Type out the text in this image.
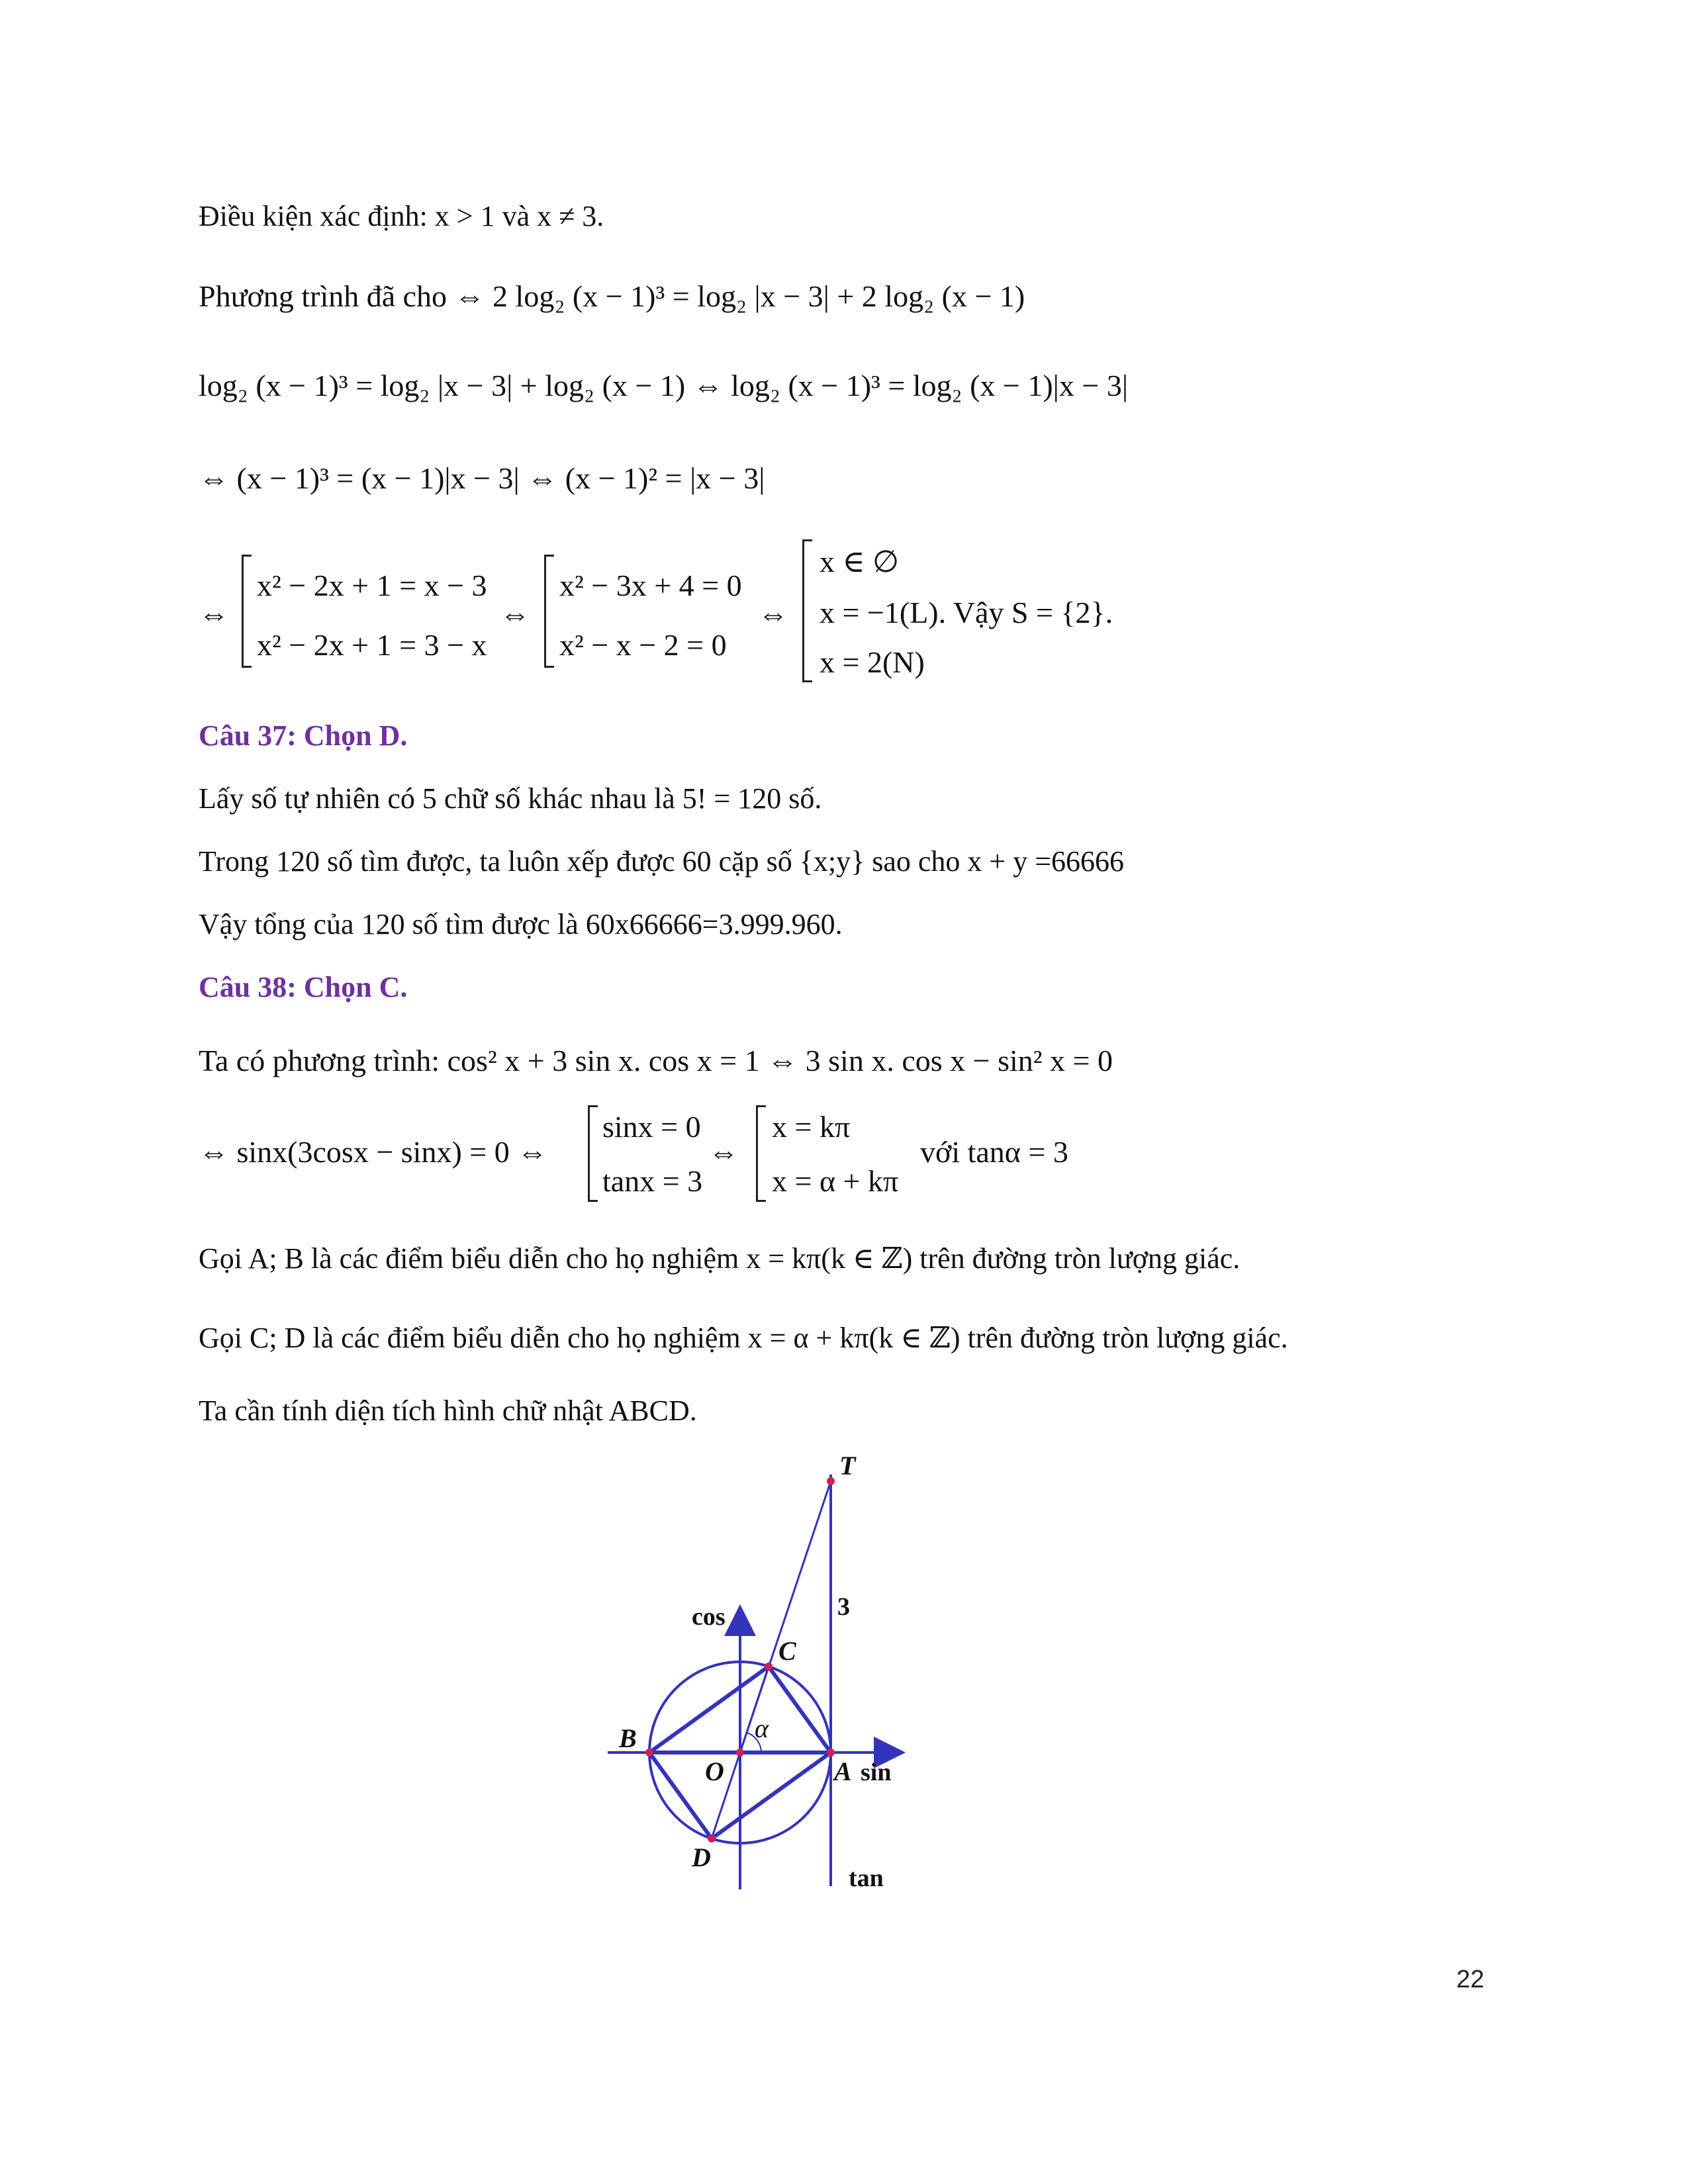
Điều kiện xác định: x > 1 và x ≠ 3.
Phương trình đã cho ⇔ 2 log₂ (x − 1)³ = log₂ |x − 3| + 2 log₂ (x − 1)
log₂ (x − 1)³ = log₂ |x − 3| + log₂ (x − 1) ⇔ log₂ (x − 1)³ = log₂ (x − 1)|x − 3|
⇔ (x − 1)³ = (x − 1)|x − 3| ⇔ (x − 1)² = |x − 3|
⇔
x² − 2x + 1 = x − 3
x² − 2x + 1 = 3 − x
⇔
x² − 3x + 4 = 0
x² − x − 2 = 0
⇔
x ∈ ∅
x = −1(L). Vậy S = {2}.
x = 2(N)
Câu 37: Chọn D.
Lấy số tự nhiên có 5 chữ số khác nhau là 5! = 120 số.
Trong 120 số tìm được, ta luôn xếp được 60 cặp số {x;y} sao cho x + y =66666
Vậy tổng của 120 số tìm được là 60x66666=3.999.960.
Câu 38: Chọn C.
Ta có phương trình: cos² x + 3 sin x. cos x = 1 ⇔ 3 sin x. cos x − sin² x = 0
⇔ sinx(3cosx − sinx) = 0 ⇔
sinx = 0
tanx = 3
⇔
x = kπ
x = α + kπ
với tanα = 3
Gọi A; B là các điểm biểu diễn cho họ nghiệm x = kπ(k ∈ ℤ) trên đường tròn lượng giác.
Gọi C; D là các điểm biểu diễn cho họ nghiệm x = α + kπ(k ∈ ℤ) trên đường tròn lượng giác.
Ta cần tính diện tích hình chữ nhật ABCD.
T
C
B
O	A
D
cos
sin
tan
3
α
22
